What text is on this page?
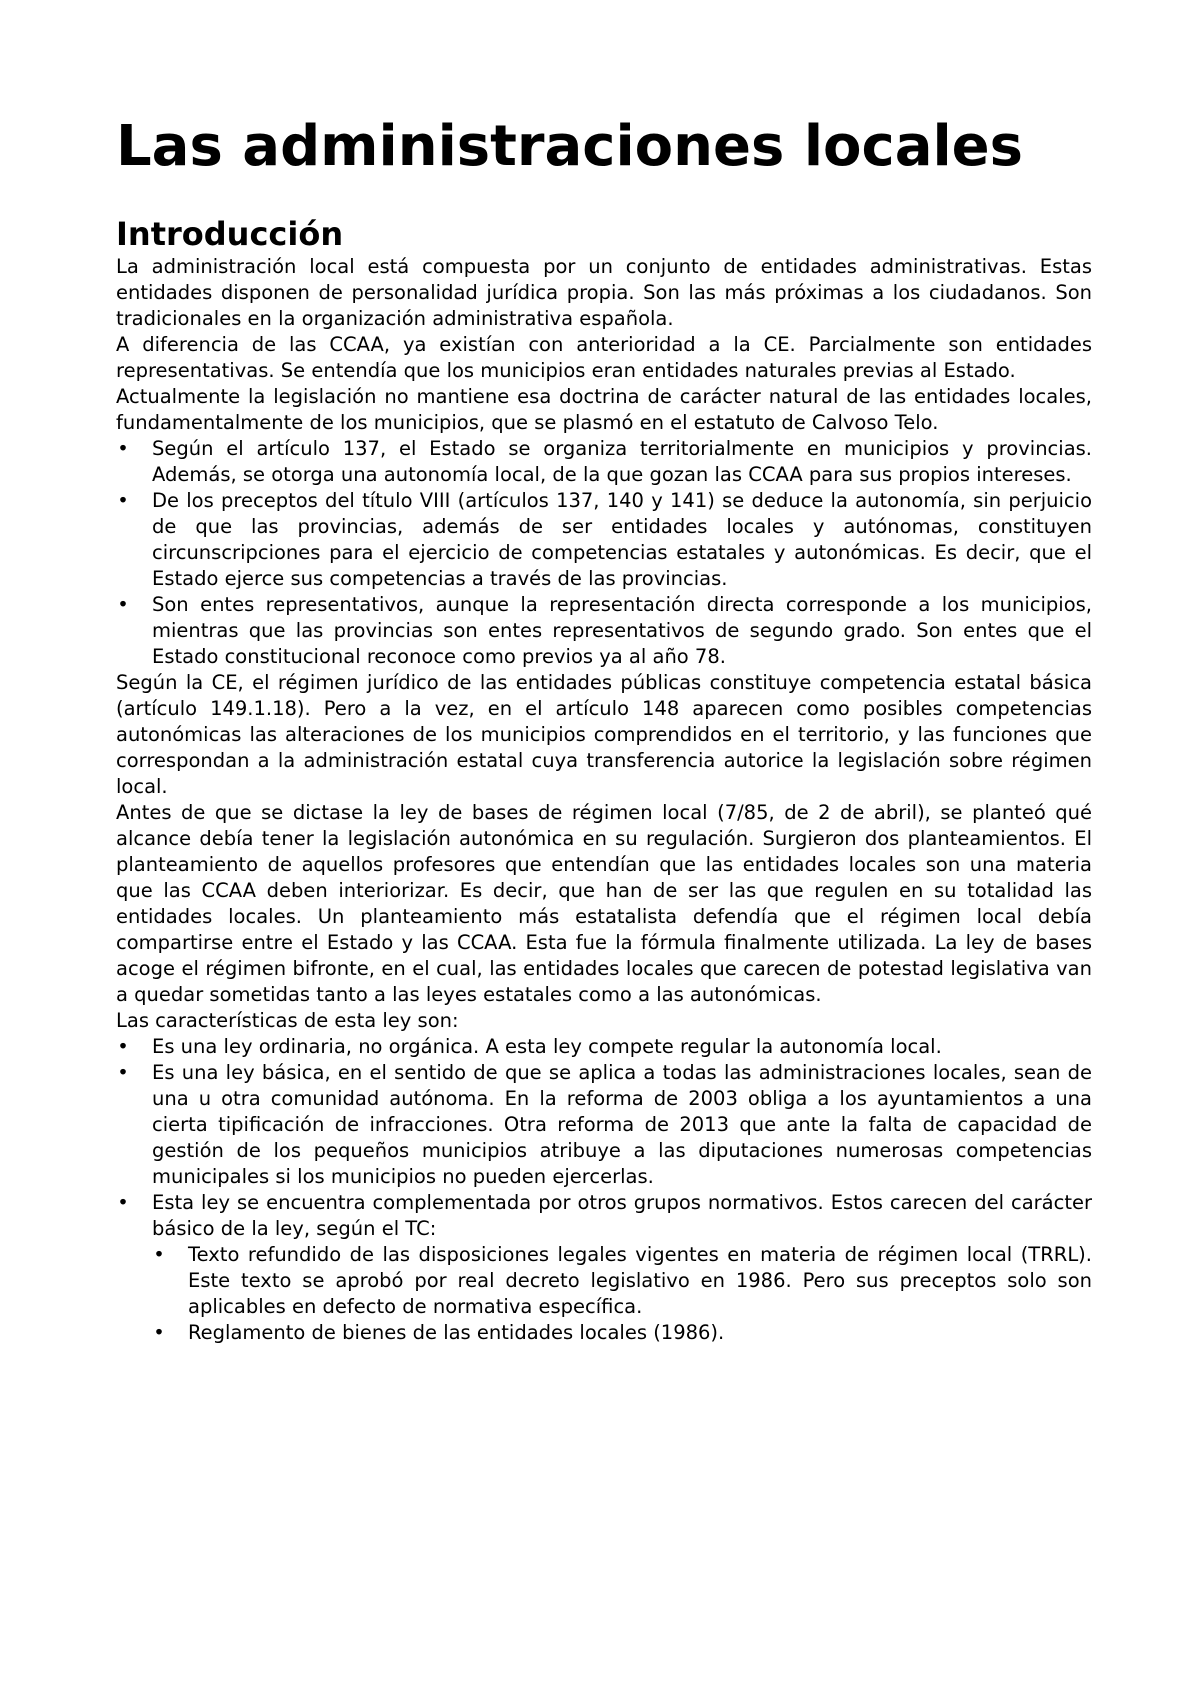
Las administraciones locales
Introducción

La administración local está compuesta por un conjunto de entidades administrativas. Estas entidades disponen de personalidad jurídica propia. Son las más próximas a los ciudadanos. Son tradicionales en la organización administrativa española.

A diferencia de las CCAA, ya existían con anterioridad a la CE. Parcialmente son entidades representativas. Se entendía que los municipios eran entidades naturales previas al Estado.

Actualmente la legislación no mantiene esa doctrina de carácter natural de las entidades locales, fundamentalmente de los municipios, que se plasmó en el estatuto de Calvoso Telo.

• Según el artículo 137, el Estado se organiza territorialmente en municipios y provincias. Además, se otorga una autonomía local, de la que gozan las CCAA para sus propios intereses.
• De los preceptos del título VIII (artículos 137, 140 y 141) se deduce la autonomía, sin perjuicio de que las provincias, además de ser entidades locales y autónomas, constituyen circunscripciones para el ejercicio de competencias estatales y autonómicas. Es decir, que el Estado ejerce sus competencias a través de las provincias.
• Son entes representativos, aunque la representación directa corresponde a los municipios, mientras que las provincias son entes representativos de segundo grado. Son entes que el Estado constitucional reconoce como previos ya al año 78.

Según la CE, el régimen jurídico de las entidades públicas constituye competencia estatal básica (artículo 149.1.18). Pero a la vez, en el artículo 148 aparecen como posibles competencias autonómicas las alteraciones de los municipios comprendidos en el territorio, y las funciones que correspondan a la administración estatal cuya transferencia autorice la legislación sobre régimen local.

Antes de que se dictase la ley de bases de régimen local (7/85, de 2 de abril), se planteó qué alcance debía tener la legislación autonómica en su regulación. Surgieron dos planteamientos. El planteamiento de aquellos profesores que entendían que las entidades locales son una materia que las CCAA deben interiorizar. Es decir, que han de ser las que regulen en su totalidad las entidades locales. Un planteamiento más estatalista defendía que el régimen local debía compartirse entre el Estado y las CCAA. Esta fue la fórmula finalmente utilizada. La ley de bases acoge el régimen bifronte, en el cual, las entidades locales que carecen de potestad legislativa van a quedar sometidas tanto a las leyes estatales como a las autonómicas.

Las características de esta ley son:

• Es una ley ordinaria, no orgánica. A esta ley compete regular la autonomía local.
• Es una ley básica, en el sentido de que se aplica a todas las administraciones locales, sean de una u otra comunidad autónoma. En la reforma de 2003 obliga a los ayuntamientos a una cierta tipificación de infracciones. Otra reforma de 2013 que ante la falta de capacidad de gestión de los pequeños municipios atribuye a las diputaciones numerosas competencias municipales si los municipios no pueden ejercerlas.
• Esta ley se encuentra complementada por otros grupos normativos. Estos carecen del carácter básico de la ley, según el TC:
• Texto refundido de las disposiciones legales vigentes en materia de régimen local (TRRL). Este texto se aprobó por real decreto legislativo en 1986. Pero sus preceptos solo son aplicables en defecto de normativa específica.
• Reglamento de bienes de las entidades locales (1986).
